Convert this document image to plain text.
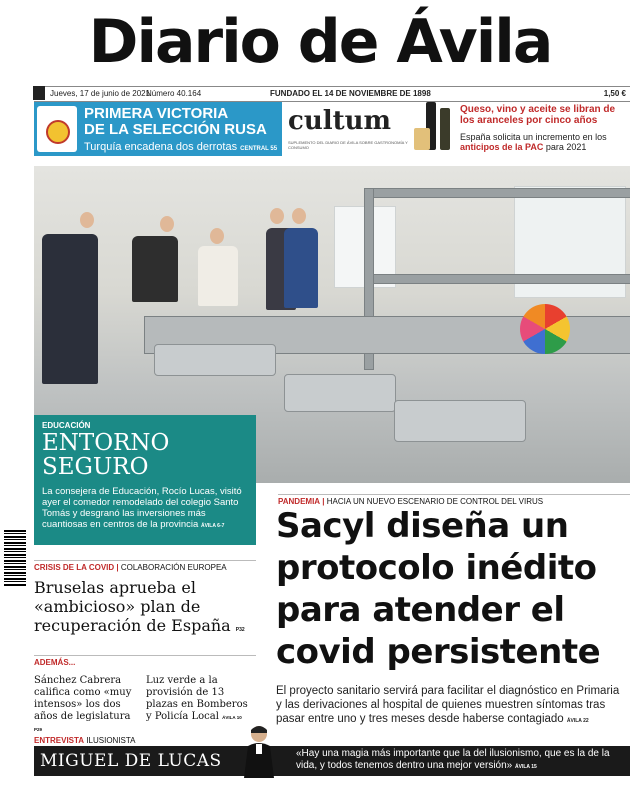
Diario de Ávila
Jueves, 17 de junio de 2021
Número 40.164	FUNDADO EL 14 DE NOVIEMBRE DE 1898	1,50 €
PRIMERA VICTORIA
DE LA SELECCIÓN RUSA
Turquía encadena dos derrotas CENTRAL 55
cultum
SUPLEMENTO DEL DIARIO DE ÁVILA SOBRE GASTRONOMÍA Y CONSUMO
Queso, vino y aceite se libran de los aranceles por cinco años
España solicita un incremento en los anticipos de la PAC para 2021
EDUCACIÓN
ENTORNO
SEGURO
La consejera de Educación, Rocío Lucas, visitó ayer el comedor remodelado del colegio Santo Tomás y desgranó las inversiones más cuantiosas en centros de la provincia ÁVILA 6-7
CRISIS DE LA COVID | COLABORACIÓN EUROPEA
Bruselas aprueba el «ambicioso» plan de recuperación de España P32
ADEMÁS...
Sánchez Cabrera califica como «muy intensos» los dos años de legislatura P29
Luz verde a la provisión de 13 plazas en Bomberos y Policía Local ÁVILA 10
PANDEMIA | HACIA UN NUEVO ESCENARIO DE CONTROL DEL VIRUS
Sacyl diseña un protocolo inédito para atender el covid persistente
El proyecto sanitario servirá para facilitar el diagnóstico en Primaria y las derivaciones al hospital de quienes muestren síntomas tras pasar entre uno y tres meses desde haberse contagiado ÁVILA 22
ENTREVISTA ILUSIONISTA
MIGUEL DE LUCAS	«Hay una magia más importante que la del ilusionismo, que es la de la vida, y todos tenemos dentro una mejor versión» ÁVILA 15
